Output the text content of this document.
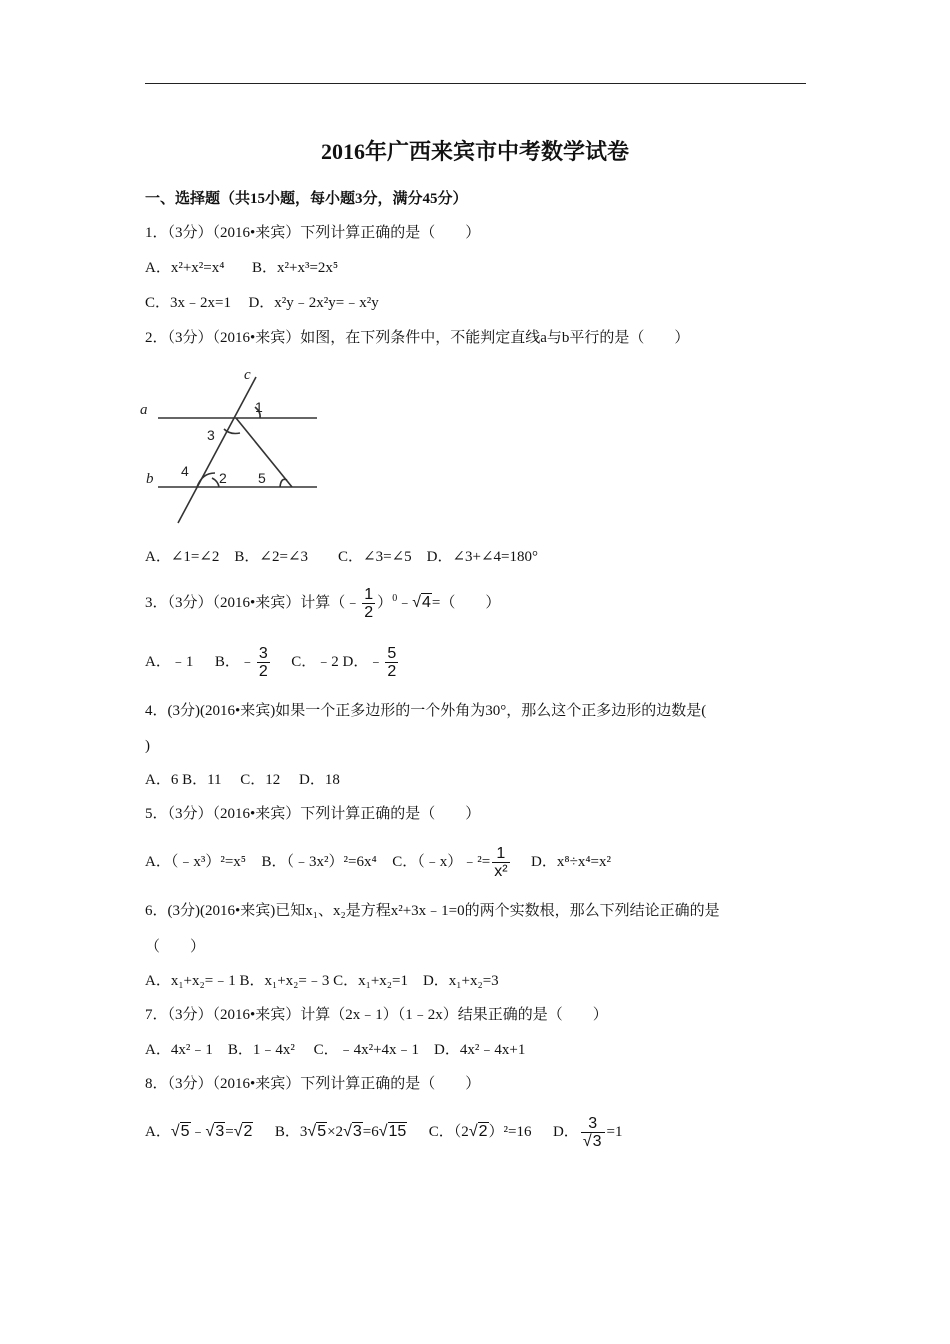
2016年广西来宾市中考数学试卷
一、选择题（共15小题，每小题3分，满分45分）
1．（3分）（2016•来宾）下列计算正确的是（　　）
A．x²+x²=x⁴ B．x²+x³=2x⁵
C．3x﹣2x=1 D．x²y﹣2x²y=﹣x²y
2．（3分）（2016•来宾）如图，在下列条件中，不能判定直线a与b平行的是（　　）
a
b
c
1
3
4 2 5
A．∠1=∠2　B．∠2=∠3　　C．∠3=∠5　D．∠3+∠4=180°
3．（3分）（2016•来宾）计算（﹣ $\frac{1}{2}$ ）$^0$﹣√4=（　　）
A．﹣1 B．﹣ $\frac{3}{2}$ C．﹣2 D．﹣ $\frac{5}{2}$
4．(3分)(2016•来宾)如果一个正多边形的一个外角为30°，那么这个正多边形的边数是(
)
A．6 B．11　 C．12　 D．18
5．（3分）（2016•来宾）下列计算正确的是（　　）
A．（﹣x³）²=x⁵ B．（﹣3x²）²=6x⁴ C．（﹣x）﹣²= $\frac{1}{\text{x²}}$ D．x⁸÷x⁴=x²
6．(3分)(2016•来宾)已知x₁、x₂是方程x²+3x﹣1=0的两个实数根，那么下列结论正确的是
（　　）
A．x₁+x₂=﹣1 B．x₁+x₂=﹣3 C．x₁+x₂=1　D．x₁+x₂=3
7．（3分）（2016•来宾）计算（2x﹣1）（1﹣2x）结果正确的是（　　）
A．4x²﹣1　B．1﹣4x²　 C．﹣4x²+4x﹣1　D．4x²﹣4x+1
8．（3分）（2016•来宾）下列计算正确的是（　　）
A．√5﹣√3=√2 B．3√5×2√3=6√15 C．（2√2）²=16 D． $\frac{3}{√3} =1$
